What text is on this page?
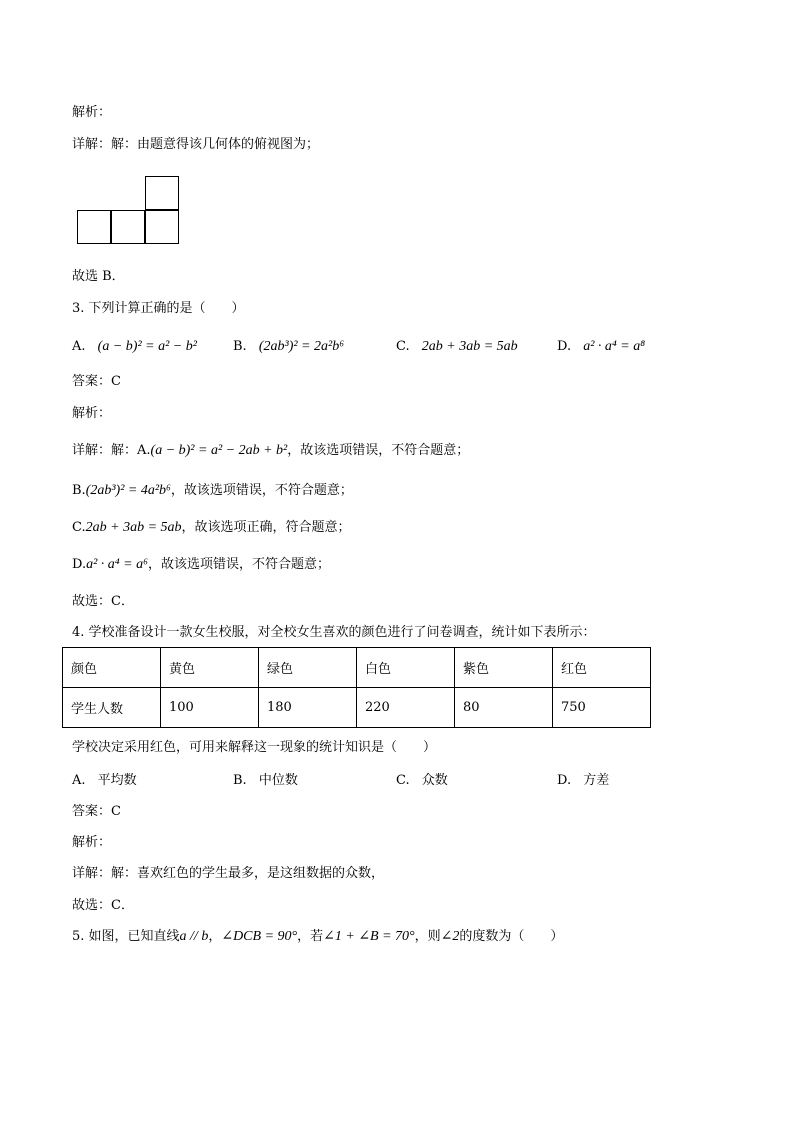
解析：
详解：解：由题意得该几何体的俯视图为；
故选 B．
3. 下列计算正确的是（　　）
A. (a − b)² = a² − b²	B. (2ab³)² = 2a²b⁶	C. 2ab + 3ab = 5ab	D. a² · a⁴ = a⁸
答案：C
解析：
详解：解：A.(a − b)² = a² − 2ab + b²，故该选项错误，不符合题意；
B.(2ab³)² = 4a²b⁶，故该选项错误，不符合题意；
C.2ab + 3ab = 5ab，故该选项正确，符合题意；
D.a² · a⁴ = a⁶，故该选项错误，不符合题意；
故选：C．
4. 学校准备设计一款女生校服，对全校女生喜欢的颜色进行了问卷调查，统计如下表所示：
颜色	黄色	绿色	白色	紫色	红色
学生人数	100	180	220	80	750
学校决定采用红色，可用来解释这一现象的统计知识是（　　）
A. 平均数	B. 中位数	C. 众数	D. 方差
答案：C
解析：
详解：解：喜欢红色的学生最多，是这组数据的众数，
故选：C．
5. 如图，已知直线a // b，∠DCB = 90°，若∠1 + ∠B = 70°，则∠2的度数为（　　）
